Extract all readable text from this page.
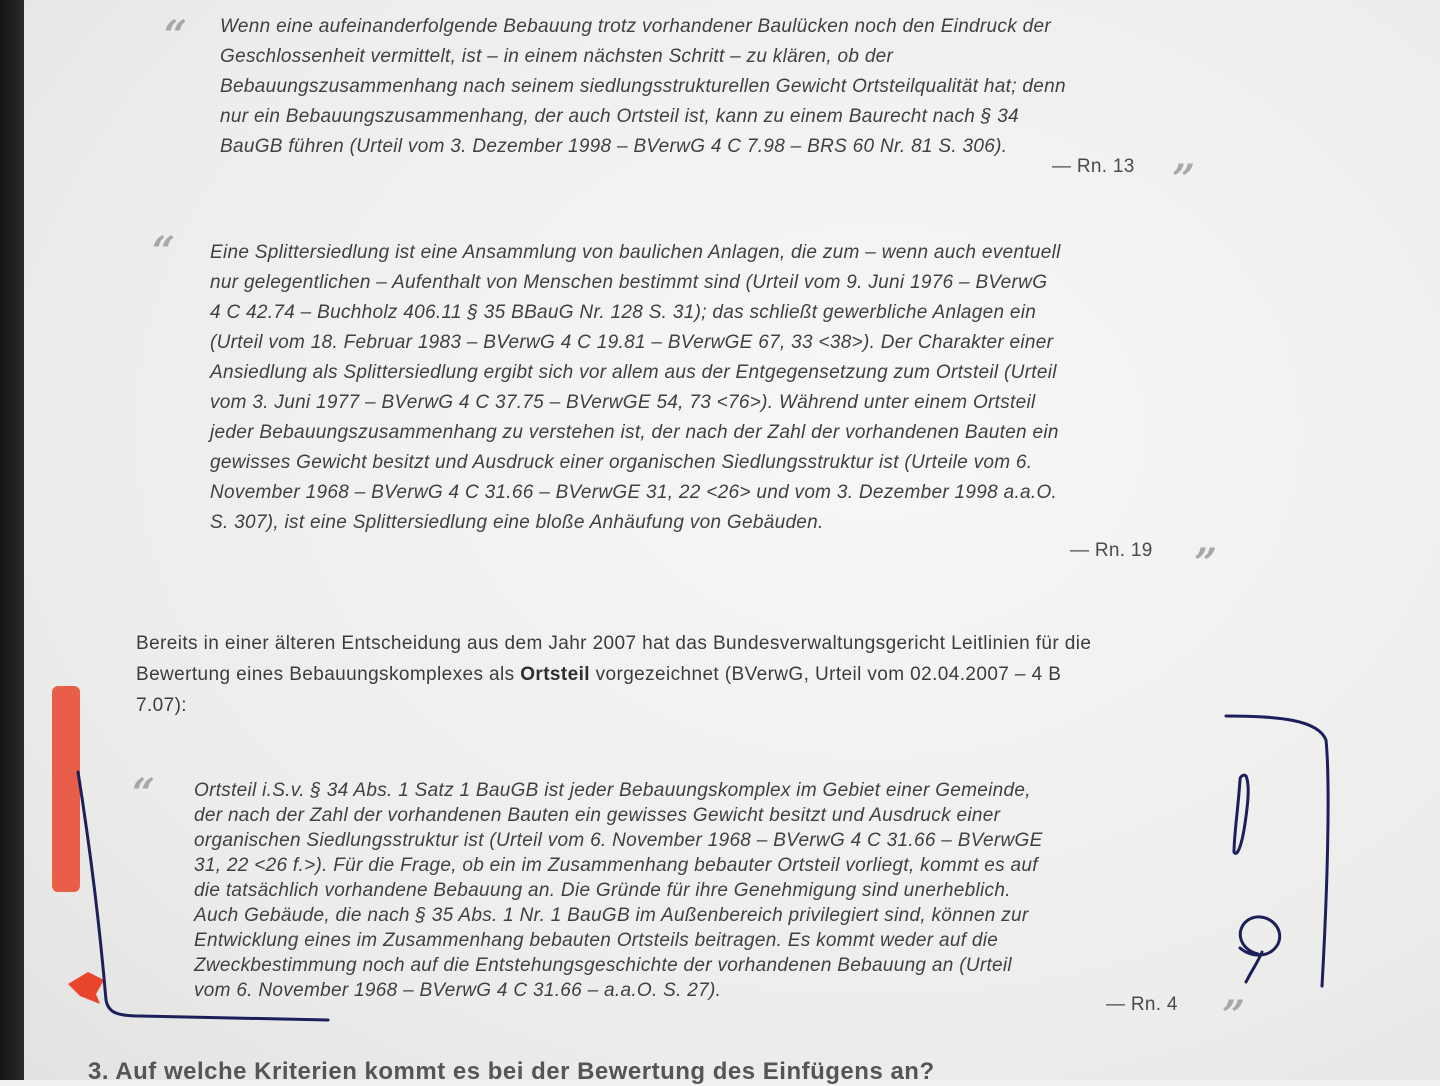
“ Wenn eine aufeinanderfolgende Bebauung trotz vorhandener Baulücken noch den Eindruck der
Geschlossenheit vermittelt, ist – in einem nächsten Schritt – zu klären, ob der
Bebauungszusammenhang nach seinem siedlungsstrukturellen Gewicht Ortsteilqualität hat; denn
nur ein Bebauungszusammenhang, der auch Ortsteil ist, kann zu einem Baurecht nach § 34
BauGB führen (Urteil vom 3. Dezember 1998 – BVerwG 4 C 7.98 – BRS 60 Nr. 81 S. 306).
— Rn. 13 ”
“ Eine Splittersiedlung ist eine Ansammlung von baulichen Anlagen, die zum – wenn auch eventuell
nur gelegentlichen – Aufenthalt von Menschen bestimmt sind (Urteil vom 9. Juni 1976 – BVerwG
4 C 42.74 – Buchholz 406.11 § 35 BBauG Nr. 128 S. 31); das schließt gewerbliche Anlagen ein
(Urteil vom 18. Februar 1983 – BVerwG 4 C 19.81 – BVerwGE 67, 33 <38>). Der Charakter einer
Ansiedlung als Splittersiedlung ergibt sich vor allem aus der Entgegensetzung zum Ortsteil (Urteil
vom 3. Juni 1977 – BVerwG 4 C 37.75 – BVerwGE 54, 73 <76>). Während unter einem Ortsteil
jeder Bebauungszusammenhang zu verstehen ist, der nach der Zahl der vorhandenen Bauten ein
gewisses Gewicht besitzt und Ausdruck einer organischen Siedlungsstruktur ist (Urteile vom 6.
November 1968 – BVerwG 4 C 31.66 – BVerwGE 31, 22 <26> und vom 3. Dezember 1998 a.a.O.
S. 307), ist eine Splittersiedlung eine bloße Anhäufung von Gebäuden.
— Rn. 19 ”
Bereits in einer älteren Entscheidung aus dem Jahr 2007 hat das Bundesverwaltungsgericht Leitlinien für die
Bewertung eines Bebauungskomplexes als Ortsteil vorgezeichnet (BVerwG, Urteil vom 02.04.2007 – 4 B
7.07):
“ Ortsteil i.S.v. § 34 Abs. 1 Satz 1 BauGB ist jeder Bebauungskomplex im Gebiet einer Gemeinde,
der nach der Zahl der vorhandenen Bauten ein gewisses Gewicht besitzt und Ausdruck einer
organischen Siedlungsstruktur ist (Urteil vom 6. November 1968 – BVerwG 4 C 31.66 – BVerwGE
31, 22 <26 f.>). Für die Frage, ob ein im Zusammenhang bebauter Ortsteil vorliegt, kommt es auf
die tatsächlich vorhandene Bebauung an. Die Gründe für ihre Genehmigung sind unerheblich.
Auch Gebäude, die nach § 35 Abs. 1 Nr. 1 BauGB im Außenbereich privilegiert sind, können zur
Entwicklung eines im Zusammenhang bebauten Ortsteils beitragen. Es kommt weder auf die
Zweckbestimmung noch auf die Entstehungsgeschichte der vorhandenen Bebauung an (Urteil
vom 6. November 1968 – BVerwG 4 C 31.66 – a.a.O. S. 27).
— Rn. 4 ”
3. Auf welche Kriterien kommt es bei der Bewertung des Einfügens an?
